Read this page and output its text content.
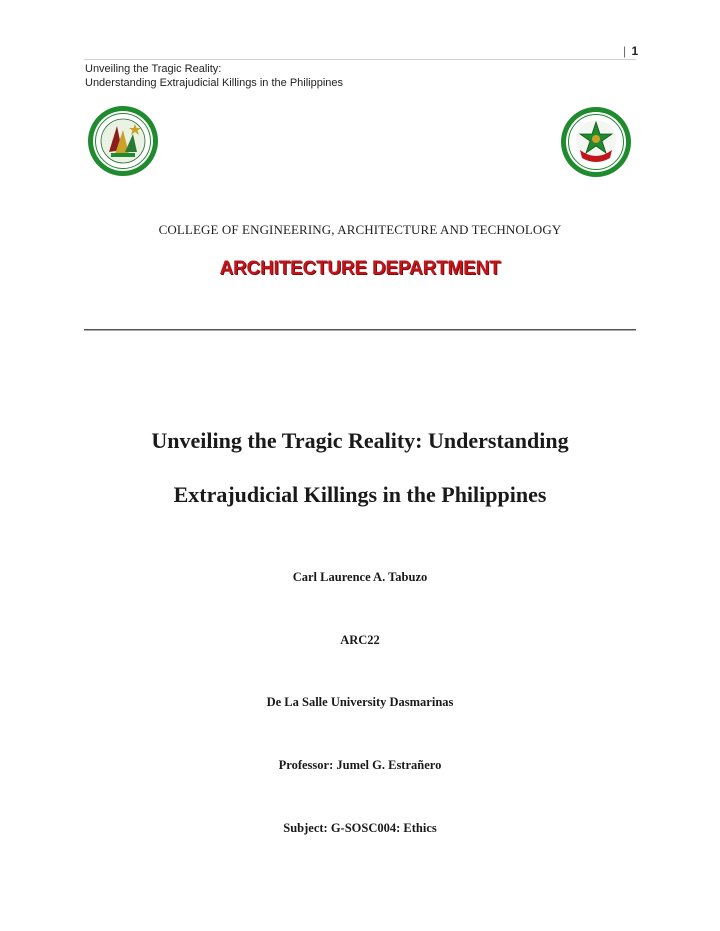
| 1
Unveiling the Tragic Reality:
Understanding Extrajudicial Killings in the Philippines
COLLEGE OF ENGINEERING, ARCHITECTURE AND TECHNOLOGY
ARCHITECTURE DEPARTMENT
Unveiling the Tragic Reality: Understanding
Extrajudicial Killings in the Philippines
Carl Laurence A. Tabuzo
ARC22
De La Salle University Dasmarinas
Professor: Jumel G. Estrañero
Subject: G-SOSC004: Ethics
